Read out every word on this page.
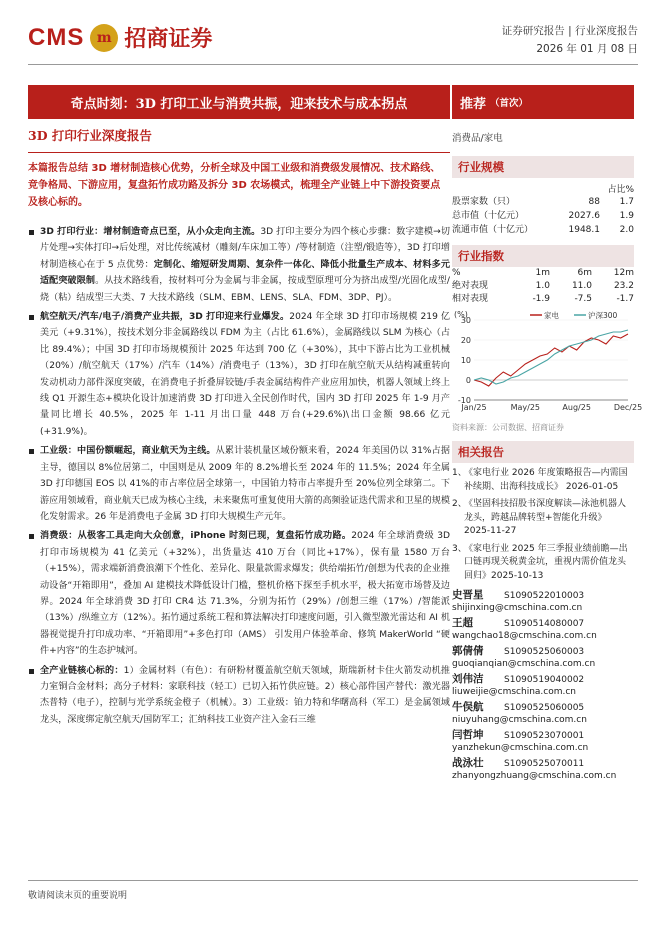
CMS m 招商证券	证券研究报告 | 行业深度报告
2026 年 01 月 08 日
奇点时刻：3D 打印工业与消费共振，迎来技术与成本拐点	推荐 （首次）
3D 打印行业深度报告	消费品/家电
本篇报告总结 3D 增材制造核心优势，分析全球及中国工业级和消费级发展情况、技术路线、竞争格局、下游应用，复盘拓竹成功路及拆分 3D 农场模式，梳理全产业链上中下游投资要点及核心标的。
3D 打印行业：增材制造奇点已至，从小众走向主流。3D 打印主要分为四个核心步骤：数字建模→切片处理→实体打印→后处理，对比传统减材（雕刻/车床加工等）/等材制造（注塑/锻造等），3D 打印增材制造核心在于 5 点优势：定制化、缩短研发周期、复杂件一体化、降低小批量生产成本、材料多元适配突破限制。从技术路线看，按材料可分为金属与非金属，按成型原理可分为挤出成型/光固化成型/烧（粘）结成型三大类、7 大技术路线（SLM、EBM、LENS、SLA、FDM、3DP、PJ）。
航空航天/汽车/电子/消费产业共振，3D 打印迎来行业爆发。2024 年全球 3D 打印市场规模 219 亿美元（+9.31%），按技术划分非金属路线以 FDM 为主（占比 61.6%），金属路线以 SLM 为核心（占比 89.4%）；中国 3D 打印市场规模预计 2025 年达到 700 亿（+30%），其中下游占比为工业机械（20%）/航空航天（17%）/汽车（14%）/消费电子（13%），3D 打印在航空航天从结构减重转向发动机动力部件深度突破，在消费电子折叠屏铰链/手表金属结构件产业应用加快，机器人领域上终上线 Q1 开源生态+模块化设计加速消费 3D 打印进入全民创作时代，国内 3D 打印 2025 年 1-9 月产量同比增长 40.5%，2025 年 1-11 月出口量 448 万台(+29.6%)\出口金额 98.66 亿元(+31.9%)。
工业级：中国份额崛起，商业航天为主线。从累计装机量区域份额来看，2024 年美国仍以 31%占据主导，德国以 8%位居第二，中国则是从 2009 年的 8.2%增长至 2024 年的 11.5%；2024 年全属 3D 打印德国 EOS 以 41%的市占率位居全球第一，中国铂力特市占率提升至 20%位列全球第二。下游应用领域看，商业航天已成为核心主线，未来聚焦可重复使用大箭的高频验证迭代需求和卫星的规模化发射需求。26 年是消费电子金属 3D 打印大规模生产元年。
消费级：从极客工具走向大众创意，iPhone 时刻已现，复盘拓竹成功路。2024 年全球消费级 3D 打印市场规模为 41 亿美元（+32%），出货量达 410 万台（同比+17%），保有量 1580 万台（+15%），需求端新消费浪潮下个性化、差异化、限量款需求爆发；供给端拓竹/创想为代表的企业推动设备“开箱即用”，叠加 AI 建模技术降低设计门槛，整机价格下探至手机水平，极大拓宽市场替及边界。2024 年全球消费 3D 打印 CR4 达 71.3%，分别为拓竹（29%）/创想三维（17%）/智能派（13%）/纵维立方（12%）。拓竹通过系统工程和算法解决打印速度问题，引入微型激光雷达和 AI 机器视觉提升打印成功率、“开箱即用”+多色打印（AMS） 引发用户体验革命、修筑 MakerWorld “硬件+内容”的生态护城河。
全产业链核心标的：1）金属材料（有色）：有研粉材覆盖航空航天领域，斯瑞新材卡住火箭发动机推力室铜合金材料；高分子材料：家联科技（轻工）已切入拓竹供应链。2）核心部件国产替代：激光器杰普特（电子），控制与光学系统金橙子（机械）。3）工业级：铂力特和华曙高科（军工）是金属领域龙头，深度绑定航空航天/国防军工；汇纳科技工业资产注入金石三维
行业规模
占比%
股票家数（只）	88	1.7
总市值（十亿元）	2027.6	1.9
流通市值（十亿元）	1948.1	2.0
行业指数
%	1m	6m	12m
绝对表现	1.0	11.0	23.2
相对表现	-1.9	-7.5	-1.7
(%)
30
20
10
0
-10
Jan/25	May/25	Aug/25	Dec/25
家电	沪深300
资料来源：公司数据、招商证券
相关报告
1、
《家电行业 2026 年度策略报告—内需国补续期、出海科技成长》 2026-01-05
2、
《坚固科技招股书深度解读—泳池机器人龙头，跨越品牌转型+智能化升级》 2025-11-27
3、
《家电行业 2025 年三季报业绩前瞻—出口链再现关税黄金坑，重视内需价值龙头回归》2025-10-13
史晋星 S1090522010003
shijinxing@cmschina.com.cn
王超	S1090514080007
wangchao18@cmschina.com.cn
郭倩倩 S1090525060003
guoqianqian@cmschina.com.cn
刘伟洁 S1090519040002
liuweijie@cmschina.com.cn
牛俣航 S1090525060005
niuyuhang@cmschina.com.cn
闫哲坤 S1090523070001
yanzhekun@cmschina.com.cn
战泳壮 S1090525070011
zhanyongzhuang@cmschina.com.cn
敬请阅读末页的重要说明
